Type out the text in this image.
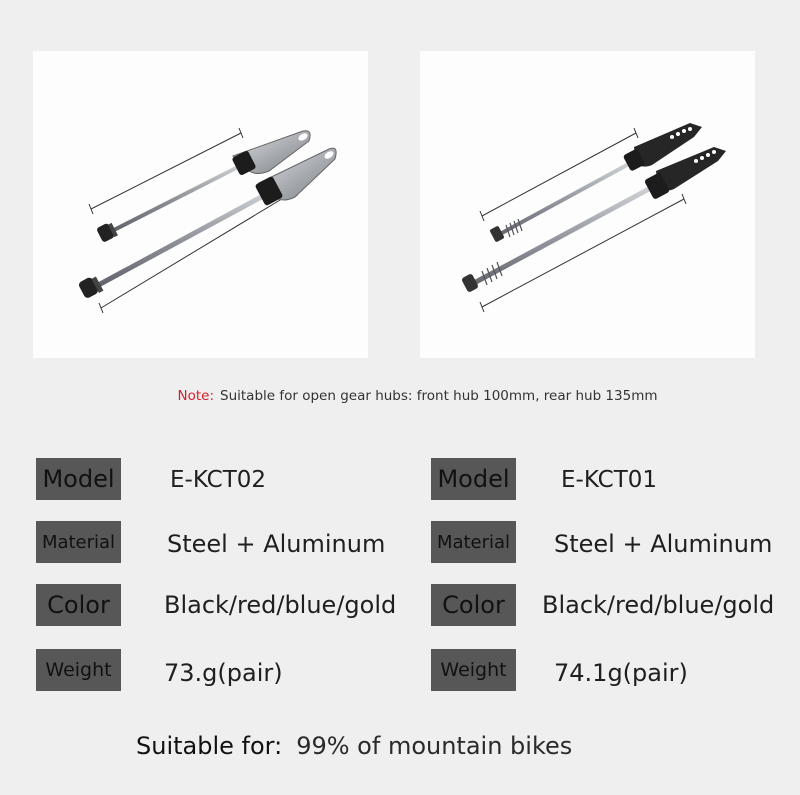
Note: Suitable for open gear hubs: front hub 100mm, rear hub 135mm
Model E-KCT02
Material Steel + Aluminum
Color	Black/red/blue/gold
Weight	73.g(pair)
Model E-KCT01
Material Steel + Aluminum
Color	Black/red/blue/gold
Weight	74.1g(pair)
Suitable for: 99% of mountain bikes
